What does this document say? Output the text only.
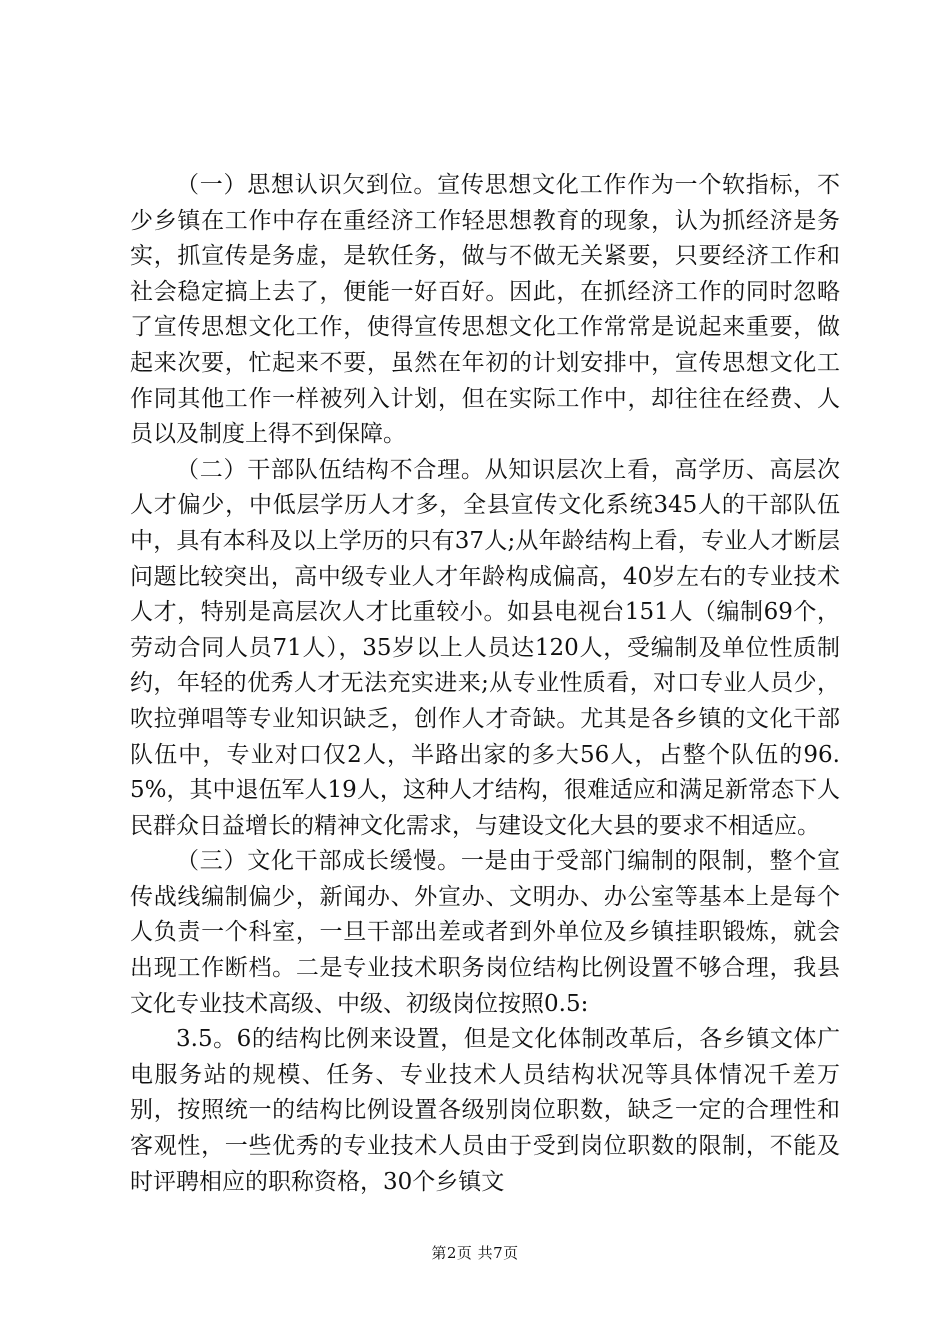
（一）思想认识欠到位。宣传思想文化工作作为一个软指标，不少乡镇在工作中存在重经济工作轻思想教育的现象，认为抓经济是务实，抓宣传是务虚，是软任务，做与不做无关紧要，只要经济工作和社会稳定搞上去了，便能一好百好。因此，在抓经济工作的同时忽略了宣传思想文化工作，使得宣传思想文化工作常常是说起来重要，做起来次要，忙起来不要，虽然在年初的计划安排中，宣传思想文化工作同其他工作一样被列入计划，但在实际工作中，却往往在经费、人员以及制度上得不到保障。

（二）干部队伍结构不合理。从知识层次上看，高学历、高层次人才偏少，中低层学历人才多，全县宣传文化系统345人的干部队伍中，具有本科及以上学历的只有37人;从年龄结构上看，专业人才断层问题比较突出，高中级专业人才年龄构成偏高，40岁左右的专业技术人才，特别是高层次人才比重较小。如县电视台151人（编制69个，劳动合同人员71人），35岁以上人员达120人，受编制及单位性质制约，年轻的优秀人才无法充实进来;从专业性质看，对口专业人员少，吹拉弹唱等专业知识缺乏，创作人才奇缺。尤其是各乡镇的文化干部队伍中，专业对口仅2人，半路出家的多大56人，占整个队伍的96.5%，其中退伍军人19人，这种人才结构，很难适应和满足新常态下人民群众日益增长的精神文化需求，与建设文化大县的要求不相适应。

（三）文化干部成长缓慢。一是由于受部门编制的限制，整个宣传战线编制偏少，新闻办、外宣办、文明办、办公室等基本上是每个人负责一个科室，一旦干部出差或者到外单位及乡镇挂职锻炼，就会出现工作断档。二是专业技术职务岗位结构比例设置不够合理，我县文化专业技术高级、中级、初级岗位按照0.5:

3.5。6的结构比例来设置，但是文化体制改革后，各乡镇文体广电服务站的规模、任务、专业技术人员结构状况等具体情况千差万别，按照统一的结构比例设置各级别岗位职数，缺乏一定的合理性和客观性，一些优秀的专业技术人员由于受到岗位职数的限制，不能及时评聘相应的职称资格，30个乡镇文

第2页 共7页
